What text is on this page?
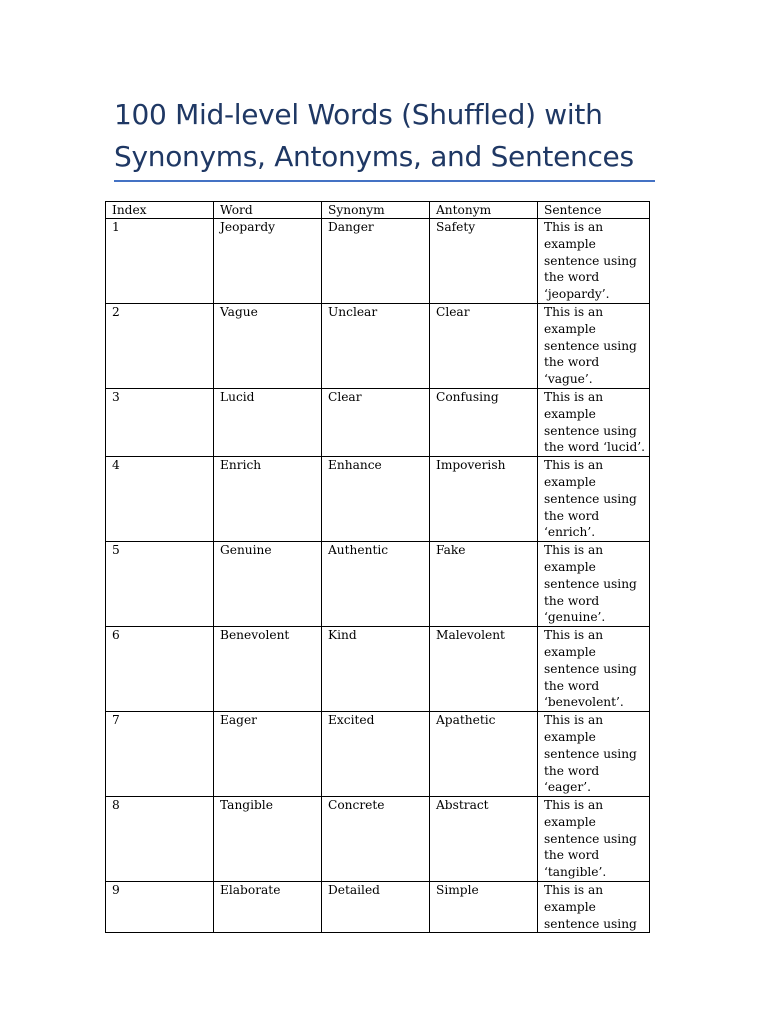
100 Mid-level Words (Shuffled) with Synonyms, Antonyms, and Sentences
Index	Word	Synonym	Antonym	Sentence
1	Jeopardy	Danger	Safety	This is an example sentence using the word ‘jeopardy’.
2	Vague	Unclear	Clear	This is an example sentence using the word ‘vague’.
3	Lucid	Clear	Confusing	This is an example sentence using the word ‘lucid’.
4	Enrich	Enhance	Impoverish	This is an example sentence using the word ‘enrich’.
5	Genuine	Authentic	Fake	This is an example sentence using the word ‘genuine’.
6	Benevolent	Kind	Malevolent	This is an example sentence using the word ‘benevolent’.
7	Eager	Excited	Apathetic	This is an example sentence using the word ‘eager’.
8	Tangible	Concrete	Abstract	This is an example sentence using the word ‘tangible’.
9	Elaborate	Detailed	Simple	This is an example sentence using
